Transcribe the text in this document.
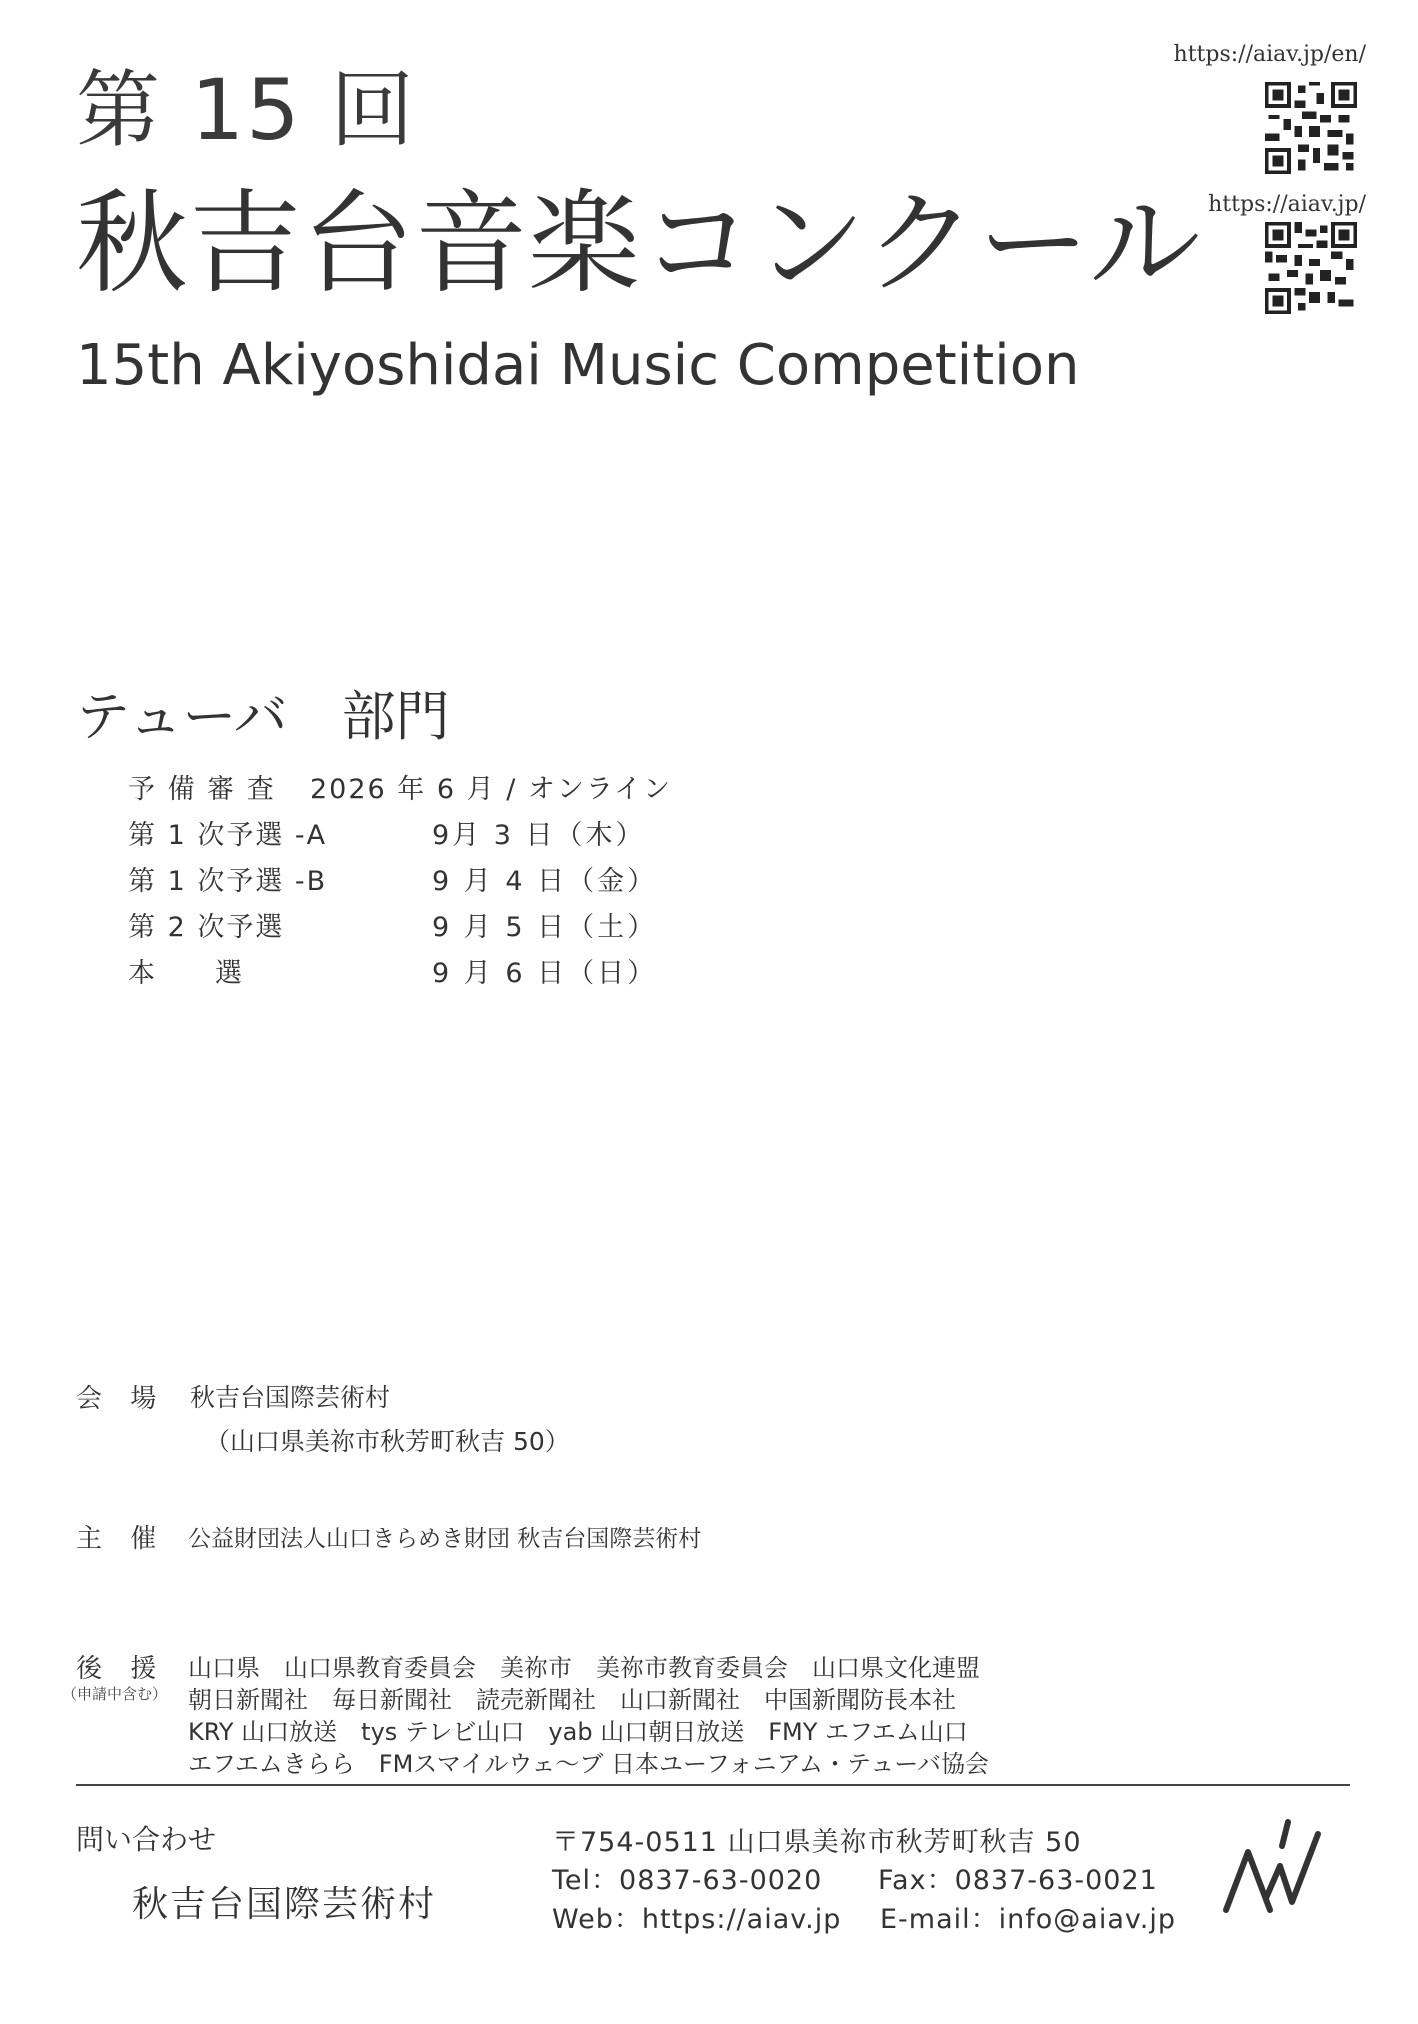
第 15 回
秋吉台音楽コンクール
15th Akiyoshidai Music Competition
https://aiav.jp/en/
https://aiav.jp/
テューバ　部門
予 備 審 査 2026 年 6 月 / オンライン
第 1 次予選 -A	9月 3 日（木）
第 1 次予選 -B	9 月 4 日（金）
第 2 次予選	9 月 5 日（土）
本　　選	9 月 6 日（日）
会 場 秋吉台国際芸術村
（山口県美祢市秋芳町秋吉 50）
主 催 公益財団法人山口きらめき財団 秋吉台国際芸術村
後 援
（申請中含む）
山口県　山口県教育委員会　美祢市　美祢市教育委員会　山口県文化連盟
朝日新聞社　毎日新聞社　読売新聞社　山口新聞社　中国新聞防長本社
KRY 山口放送　tys テレビ山口　yab 山口朝日放送　FMY エフエム山口
エフエムきらら　FMスマイルウェ～ブ 日本ユーフォニアム・テューバ協会
問い合わせ
秋吉台国際芸術村
〒754-0511 山口県美祢市秋芳町秋吉 50
Tel：0837-63-0020 Fax：0837-63-0021
Web：https://aiav.jp E-mail：info@aiav.jp
